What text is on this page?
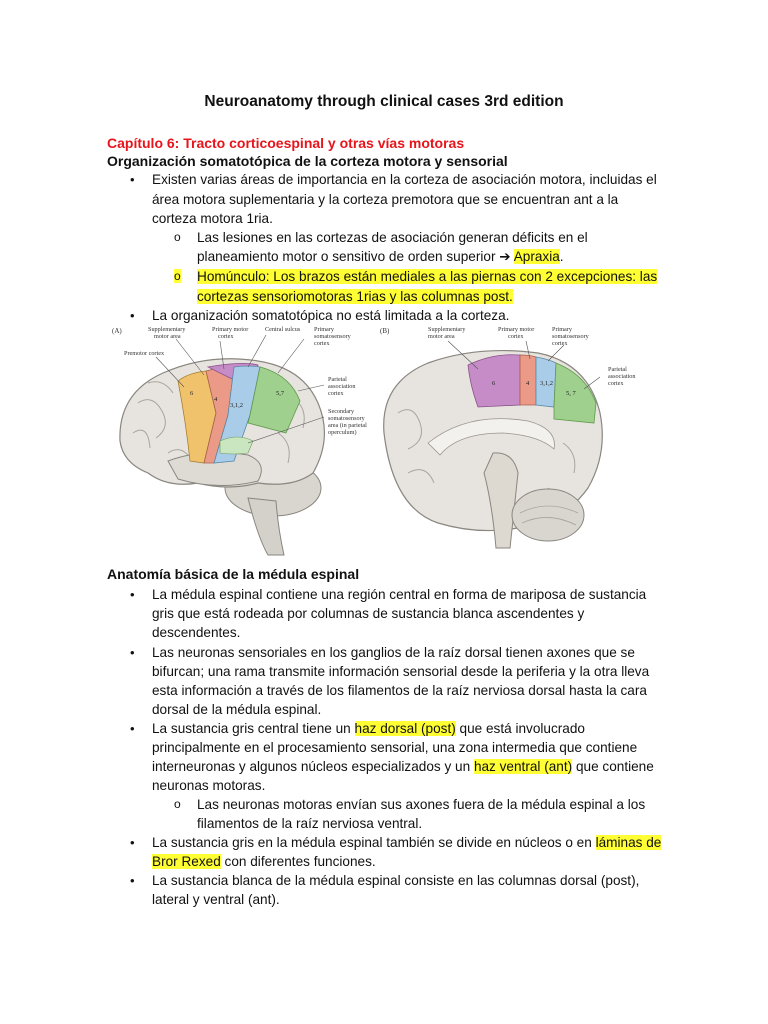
Neuroanatomy through clinical cases 3rd edition
Capítulo 6: Tracto corticoespinal y otras vías motoras
Organización somatotópica de la corteza motora y sensorial
• Existen varias áreas de importancia en la corteza de asociación motora, incluidas el
área motora suplementaria y la corteza premotora que se encuentran ant a la
corteza motora 1ria.
o Las lesiones en las cortezas de asociación generan déficits en el
planeamiento motor o sensitivo de orden superior ➔ Apraxia.
o Homúnculo: Los brazos están mediales a las piernas con 2 excepciones: las
cortezas sensoriomotoras 1rias y las columnas post.
• La organización somatotópica no está limitada a la corteza.
(A)
6
4
3,1,2
5,7
Supplementary motor area
Primary motor cortex
Central sulcus Primary somatosensory cortex
Premotor cortex
Parietal association cortex
Secondary somatosensory area (in parietal operculum)
(B)
6	4 3,1,2
5, 7
Supplementary motor area
Primary motor cortex
Primary somatosensory cortex
Parietal association cortex
Anatomía básica de la médula espinal
• La médula espinal contiene una región central en forma de mariposa de sustancia
gris que está rodeada por columnas de sustancia blanca ascendentes y
descendentes.
• Las neuronas sensoriales en los ganglios de la raíz dorsal tienen axones que se
bifurcan; una rama transmite información sensorial desde la periferia y la otra lleva
esta información a través de los filamentos de la raíz nerviosa dorsal hasta la cara
dorsal de la médula espinal.
• La sustancia gris central tiene un haz dorsal (post) que está involucrado
principalmente en el procesamiento sensorial, una zona intermedia que contiene
interneuronas y algunos núcleos especializados y un haz ventral (ant) que contiene
neuronas motoras.
o Las neuronas motoras envían sus axones fuera de la médula espinal a los
filamentos de la raíz nerviosa ventral.
• La sustancia gris en la médula espinal también se divide en núcleos o en láminas de
Bror Rexed con diferentes funciones.
• La sustancia blanca de la médula espinal consiste en las columnas dorsal (post),
lateral y ventral (ant).
